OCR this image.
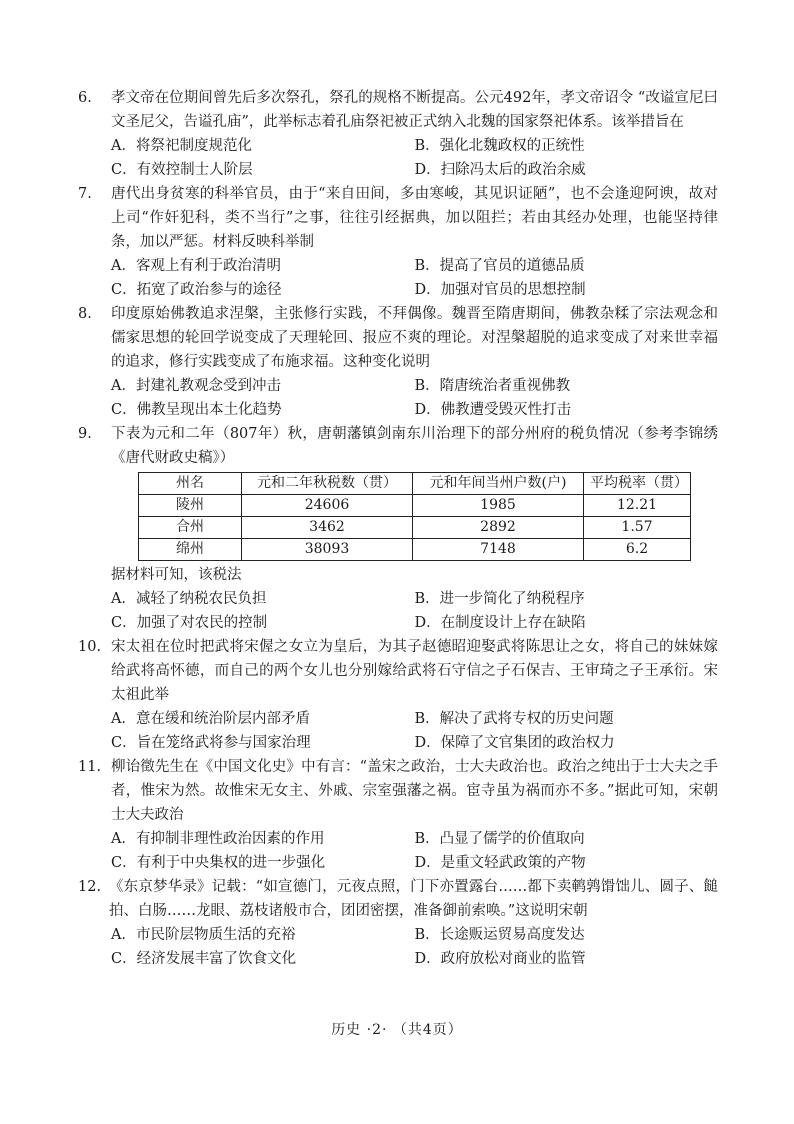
6.	孝文帝在位期间曾先后多次祭孔，祭孔的规格不断提高。公元492年，孝文帝诏令 “改谥宣尼曰文圣尼父，告谥孔庙”，此举标志着孔庙祭祀被正式纳入北魏的国家祭祀体系。该举措旨在
A．将祭祀制度规范化	B．强化北魏政权的正统性
C．有效控制士人阶层	D．扫除冯太后的政治余威
7.	唐代出身贫寒的科举官员，由于“来自田间，多由寒峻，其见识证陋”，也不会逢迎阿谀，故对上司“作奸犯科，类不当行”之事，往往引经据典，加以阻拦；若由其经办处理，也能坚持律条，加以严惩。材料反映科举制
A．客观上有利于政治清明	B．提高了官员的道德品质
C．拓宽了政治参与的途径	D．加强对官员的思想控制
8.	印度原始佛教追求涅槃，主张修行实践，不拜偶像。魏晋至隋唐期间，佛教杂糅了宗法观念和儒家思想的轮回学说变成了天理轮回、报应不爽的理论。对涅槃超脱的追求变成了对来世幸福的追求，修行实践变成了布施求福。这种变化说明
A．封建礼教观念受到冲击	B．隋唐统治者重视佛教
C．佛教呈现出本土化趋势	D．佛教遭受毁灭性打击
9.	下表为元和二年（807年）秋，唐朝藩镇剑南东川治理下的部分州府的税负情况（参考李锦绣《唐代财政史稿》）
州名	元和二年秋税数（贯）	元和年间当州户数(户)	平均税率（贯）
陵州	24606	1985	12.21
合州	3462	2892	1.57
绵州	38093	7148	6.2
据材料可知，该税法
A．减轻了纳税农民负担	B．进一步简化了纳税程序
C．加强了对农民的控制	D．在制度设计上存在缺陷
10. 宋太祖在位时把武将宋偓之女立为皇后，为其子赵德昭迎娶武将陈思让之女，将自己的妹妹嫁给武将高怀德，而自己的两个女儿也分别嫁给武将石守信之子石保吉、王审琦之子王承衍。宋太祖此举
A．意在缓和统治阶层内部矛盾	B．解决了武将专权的历史问题
C．旨在笼络武将参与国家治理	D．保障了文官集团的政治权力
11. 柳诒徵先生在《中国文化史》中有言：“盖宋之政治，士大夫政治也。政治之纯出于士大夫之手者，惟宋为然。故惟宋无女主、外戚、宗室强藩之祸。宦寺虽为祸而亦不多。”据此可知，宋朝士大夫政治
A．有抑制非理性政治因素的作用	B．凸显了儒学的价值取向
C．有利于中央集权的进一步强化	D．是重文轻武政策的产物
12. 《东京梦华录》记载：“如宣德门，元夜点照，门下亦置露台……都下卖鹌鹑馉饳儿、圆子、䭔拍、白肠……龙眼、荔枝诸般市合，团团密摆，准备御前索唤。”这说明宋朝
A．市民阶层物质生活的充裕	B．长途贩运贸易高度发达
C．经济发展丰富了饮食文化	D．政府放松对商业的监管
历史 ·2· （共4页）
